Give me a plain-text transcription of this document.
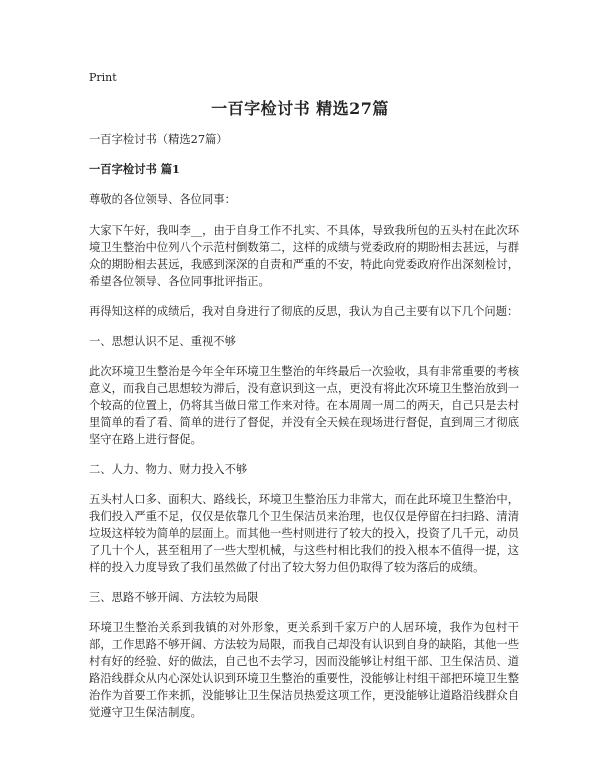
Print
一百字检讨书 精选27篇

一百字检讨书（精选27篇）

一百字检讨书 篇1

尊敬的各位领导、各位同事：

大家下午好，我叫李__，由于自身工作不扎实、不具体，导致我所包的五头村在此次环境卫生整治中位列八个示范村倒数第二，这样的成绩与党委政府的期盼相去甚远，与群众的期盼相去甚远，我感到深深的自责和严重的不安，特此向党委政府作出深刻检讨，希望各位领导、各位同事批评指正。

再得知这样的成绩后，我对自身进行了彻底的反思，我认为自己主要有以下几个问题：

一、思想认识不足、重视不够

此次环境卫生整治是今年全年环境卫生整治的年终最后一次验收，具有非常重要的考核意义，而我自己思想较为滞后，没有意识到这一点，更没有将此次环境卫生整治放到一个较高的位置上，仍将其当做日常工作来对待。在本周周一周二的两天，自己只是去村里简单的看了看、简单的进行了督促，并没有全天候在现场进行督促，直到周三才彻底坚守在路上进行督促。

二、人力、物力、财力投入不够

五头村人口多、面积大、路线长，环境卫生整治压力非常大，而在此环境卫生整治中，我们投入严重不足，仅仅是依靠几个卫生保洁员来治理，也仅仅是停留在扫扫路、清清垃圾这样较为简单的层面上。而其他一些村则进行了较大的投入，投资了几千元，动员了几十个人，甚至租用了一些大型机械，与这些村相比我们的投入根本不值得一提，这样的投入力度导致了我们虽然做了付出了较大努力但仍取得了较为落后的成绩。

三、思路不够开阔、方法较为局限

环境卫生整治关系到我镇的对外形象，更关系到千家万户的人居环境，我作为包村干部，工作思路不够开阔、方法较为局限，而我自己却没有认识到自身的缺陷，其他一些村有好的经验、好的做法，自己也不去学习，因而没能够让村组干部、卫生保洁员、道路沿线群众从内心深处认识到环境卫生整治的重要性，没能够让村组干部把环境卫生整治作为首要工作来抓，没能够让卫生保洁员热爱这项工作，更没能够让道路沿线群众自觉遵守卫生保洁制度。
